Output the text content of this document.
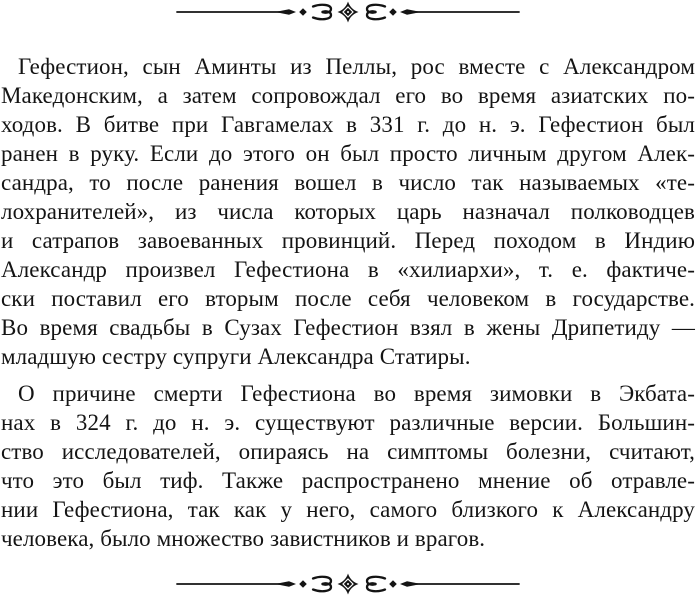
Гефестион, сын Аминты из Пеллы, рос вместе с Александром
Македонским, а затем сопровождал его во время азиатских по-
ходов. В битве при Гавгамелах в 331 г. до н. э. Гефестион был
ранен в руку. Если до этого он был просто личным другом Алек-
сандра, то после ранения вошел в число так называемых «те-
лохранителей», из числа которых царь назначал полководцев
и сатрапов завоеванных провинций. Перед походом в Индию
Александр произвел Гефестиона в «хилиархи», т. е. фактиче-
ски поставил его вторым после себя человеком в государстве.
Во время свадьбы в Сузах Гефестион взял в жены Дрипетиду —
младшую сестру супруги Александра Статиры.

О причине смерти Гефестиона во время зимовки в Экбата-
нах в 324 г. до н. э. существуют различные версии. Большин-
ство исследователей, опираясь на симптомы болезни, считают,
что это был тиф. Также распространено мнение об отравле-
нии Гефестиона, так как у него, самого близкого к Александру
человека, было множество завистников и врагов.
